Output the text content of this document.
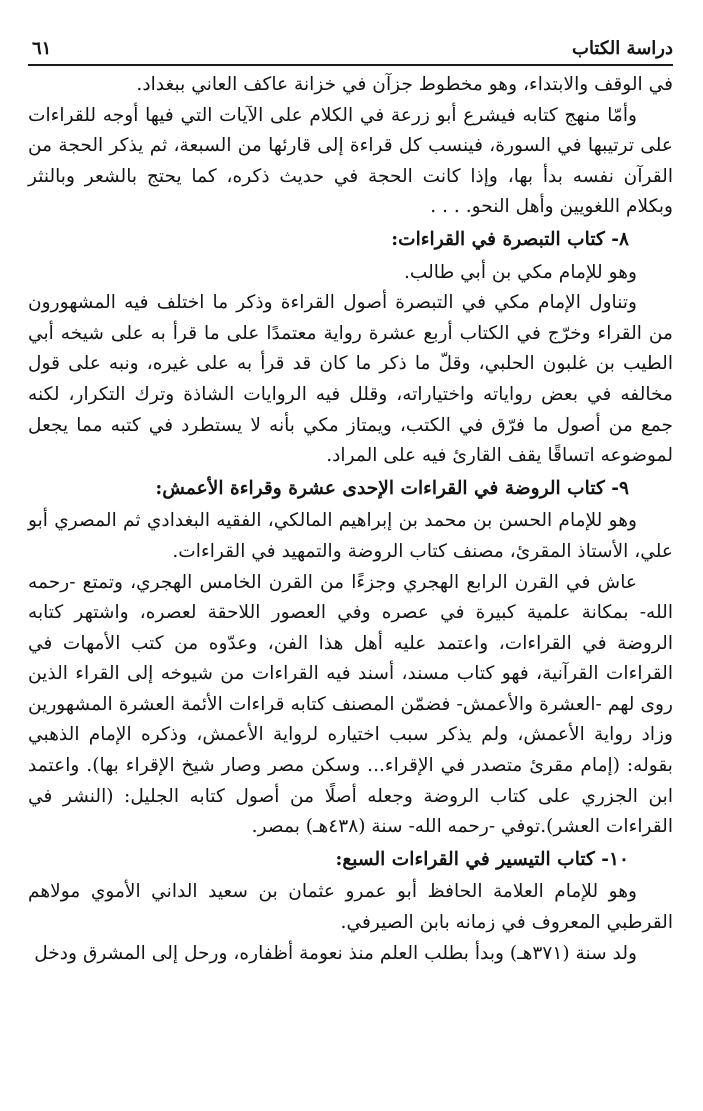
دراسة الكتاب
٦١

في الوقف والابتداء، وهو مخطوط جزآن في خزانة عاكف العاني ببغداد.

وأمّا منهج كتابه فيشرع أبو زرعة في الكلام على الآيات التي فيها أوجه للقراءات على ترتيبها في السورة، فينسب كل قراءة إلى قارئها من السبعة، ثم يذكر الحجة من القرآن نفسه بدأ بها، وإذا كانت الحجة في حديث ذكره، كما يحتج بالشعر وبالنثر وبكلام اللغويين وأهل النحو. . . .

٨- كتاب التبصرة في القراءات:

وهو للإمام مكي بن أبي طالب.

وتناول الإمام مكي في التبصرة أصول القراءة وذكر ما اختلف فيه المشهورون من القراء وخرّج في الكتاب أربع عشرة رواية معتمدًا على ما قرأ به على شيخه أبي الطيب بن غلبون الحلبي، وقلّ ما ذكر ما كان قد قرأ به على غيره، ونبه على قول مخالفه في بعض رواياته واختياراته، وقلل فيه الروايات الشاذة وترك التكرار، لكنه جمع من أصول ما فرّق في الكتب، ويمتاز مكي بأنه لا يستطرد في كتبه مما يجعل لموضوعه اتساقًا يقف القارئ فيه على المراد.

٩- كتاب الروضة في القراءات الإحدى عشرة وقراءة الأعمش:

وهو للإمام الحسن بن محمد بن إبراهيم المالكي، الفقيه البغدادي ثم المصري أبو علي، الأستاذ المقرئ، مصنف كتاب الروضة والتمهيد في القراءات.

عاش في القرن الرابع الهجري وجزءًا من القرن الخامس الهجري، وتمتع -رحمه الله- بمكانة علمية كبيرة في عصره وفي العصور اللاحقة لعصره، واشتهر كتابه الروضة في القراءات، واعتمد عليه أهل هذا الفن، وعدّوه من كتب الأمهات في القراءات القرآنية، فهو كتاب مسند، أسند فيه القراءات من شيوخه إلى القراء الذين روى لهم -العشرة والأعمش- فضمّن المصنف كتابه قراءات الأئمة العشرة المشهورين وزاد رواية الأعمش، ولم يذكر سبب اختياره لرواية الأعمش، وذكره الإمام الذهبي بقوله: (إمام مقرئ متصدر في الإقراء... وسكن مصر وصار شيخ الإقراء بها). واعتمد ابن الجزري على كتاب الروضة وجعله أصلًا من أصول كتابه الجليل: (النشر في القراءات العشر).توفي -رحمه الله- سنة (٤٣٨هـ) بمصر.

١٠- كتاب التيسير في القراءات السبع:

وهو للإمام العلامة الحافظ أبو عمرو عثمان بن سعيد الداني الأموي مولاهم القرطبي المعروف في زمانه بابن الصيرفي.

ولد سنة (٣٧١هـ) وبدأ بطلب العلم منذ نعومة أظفاره، ورحل إلى المشرق ودخل
